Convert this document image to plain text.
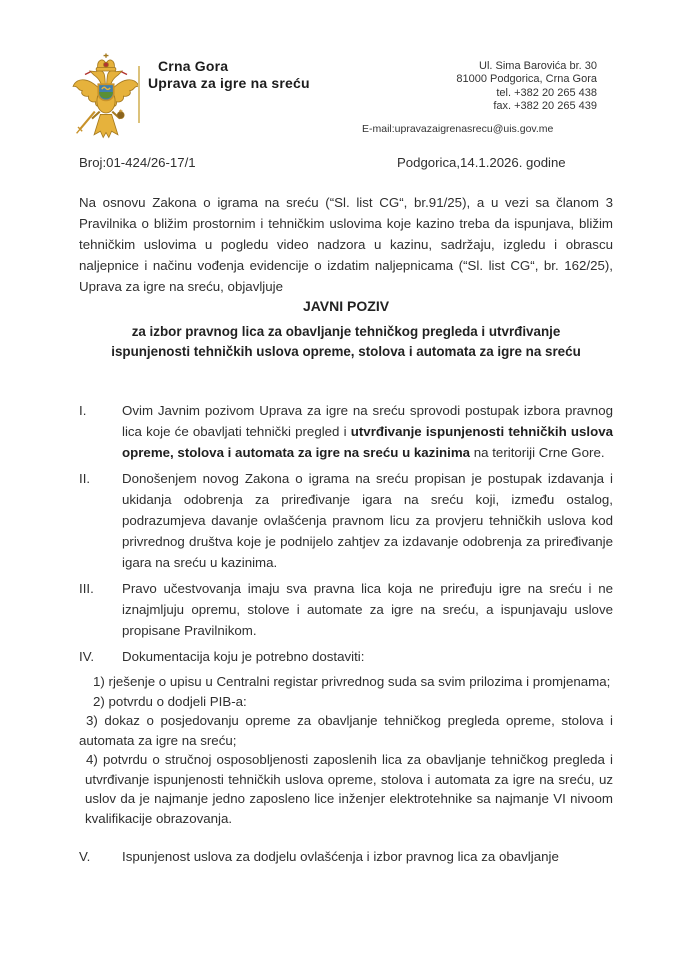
Crna Gora
Uprava za igre na sreću
Ul. Sima Barovića br. 30
81000 Podgorica, Crna Gora
tel. +382 20 265 438
fax. +382 20 265 439
E-mail:upravazaigrenasrecu@uis.gov.me
Broj:01-424/26-17/1	Podgorica,14.1.2026. godine

Na osnovu Zakona o igrama na sreću (“Sl. list CG“, br.91/25), a u vezi sa članom 3 Pravilnika o bližim prostornim i tehničkim uslovima koje kazino treba da ispunjava, bližim tehničkim uslovima u pogledu video nadzora u kazinu, sadržaju, izgledu i obrascu naljepnice i načinu vođenja evidencije o izdatim naljepnicama (“Sl. list CG“, br. 162/25), Uprava za igre na sreću, objavljuje

JAVNI POZIV
za izbor pravnog lica za obavljanje tehničkog pregleda i utvrđivanje
ispunjenosti tehničkih uslova opreme, stolova i automata za igre na sreću
I.	Ovim Javnim pozivom Uprava za igre na sreću sprovodi postupak izbora pravnog lica koje će obavljati tehnički pregled i utvrđivanje ispunjenosti tehničkih uslova opreme, stolova i automata za igre na sreću u kazinima na teritoriji Crne Gore.
II. Donošenjem novog Zakona o igrama na sreću propisan je postupak izdavanja i ukidanja odobrenja za priređivanje igara na sreću koji, između ostalog, podrazumjeva davanje ovlašćenja pravnom licu za provjeru tehničkih uslova kod privrednog društva koje je podnijelo zahtjev za izdavanje odobrenja za priređivanje igara na sreću u kazinima.
III. Pravo učestvovanja imaju sva pravna lica koja ne priređuju igre na sreću i ne iznajmljuju opremu, stolove i automate za igre na sreću, a ispunjavaju uslove propisane Pravilnikom.
IV. Dokumentacija koju je potrebno dostaviti:
1) rješenje o upisu u Centralni registar privrednog suda sa svim prilozima i promjenama;
2) potvrdu o dodjeli PIB-a:
3) dokaz o posjedovanju opreme za obavljanje tehničkog pregleda opreme, stolova i automata za igre na sreću;
4) potvrdu o stručnoj osposobljenosti zaposlenih lica za obavljanje tehničkog pregleda i utvrđivanje ispunjenosti tehničkih uslova opreme, stolova i automata za igre na sreću, uz uslov da je najmanje jedno zaposleno lice inženjer elektrotehnike sa najmanje VI nivoom kvalifikacije obrazovanja.
V. Ispunjenost uslova za dodjelu ovlašćenja i izbor pravnog lica za obavljanje
